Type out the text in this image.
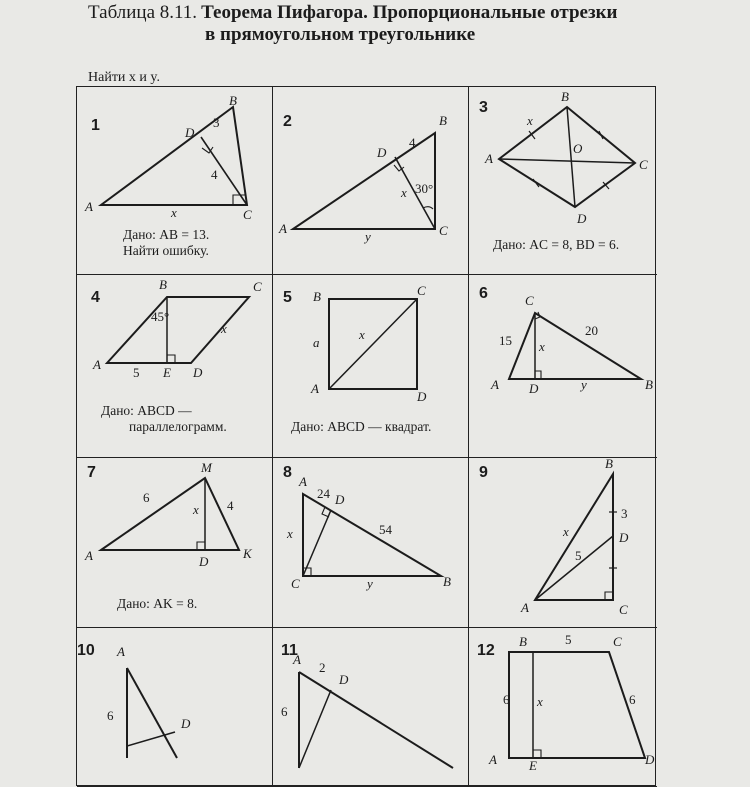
Таблица 8.11. Теорема Пифагора. Пропорциональные отрезки
в прямоугольном треугольнике
Найти x и y.
1
A
B
C
D
x
3
4
Дано: AB = 13.
Найти ошибку.
2
A
B
C
D
x
y
4
30°
3
A
B
C
D
O
x
Дано: AC = 8, BD = 6.
4
A
B	C
D
E
x
5
45°
Дано: ABCD —
параллелограмм.
5
A
B	C
D
a
x
Дано: ABCD — квадрат.
6
A	B
C
D
x
y
15
20
7
A
M
K
D
x
6
4
Дано: AK = 8.
8
A
B
C
D
x
y
24
54
9
A
B
C
D
x
3
5
10 A
D
6
11
A
D
2
6
12
A
B	C
D
E
x
5
6	6
